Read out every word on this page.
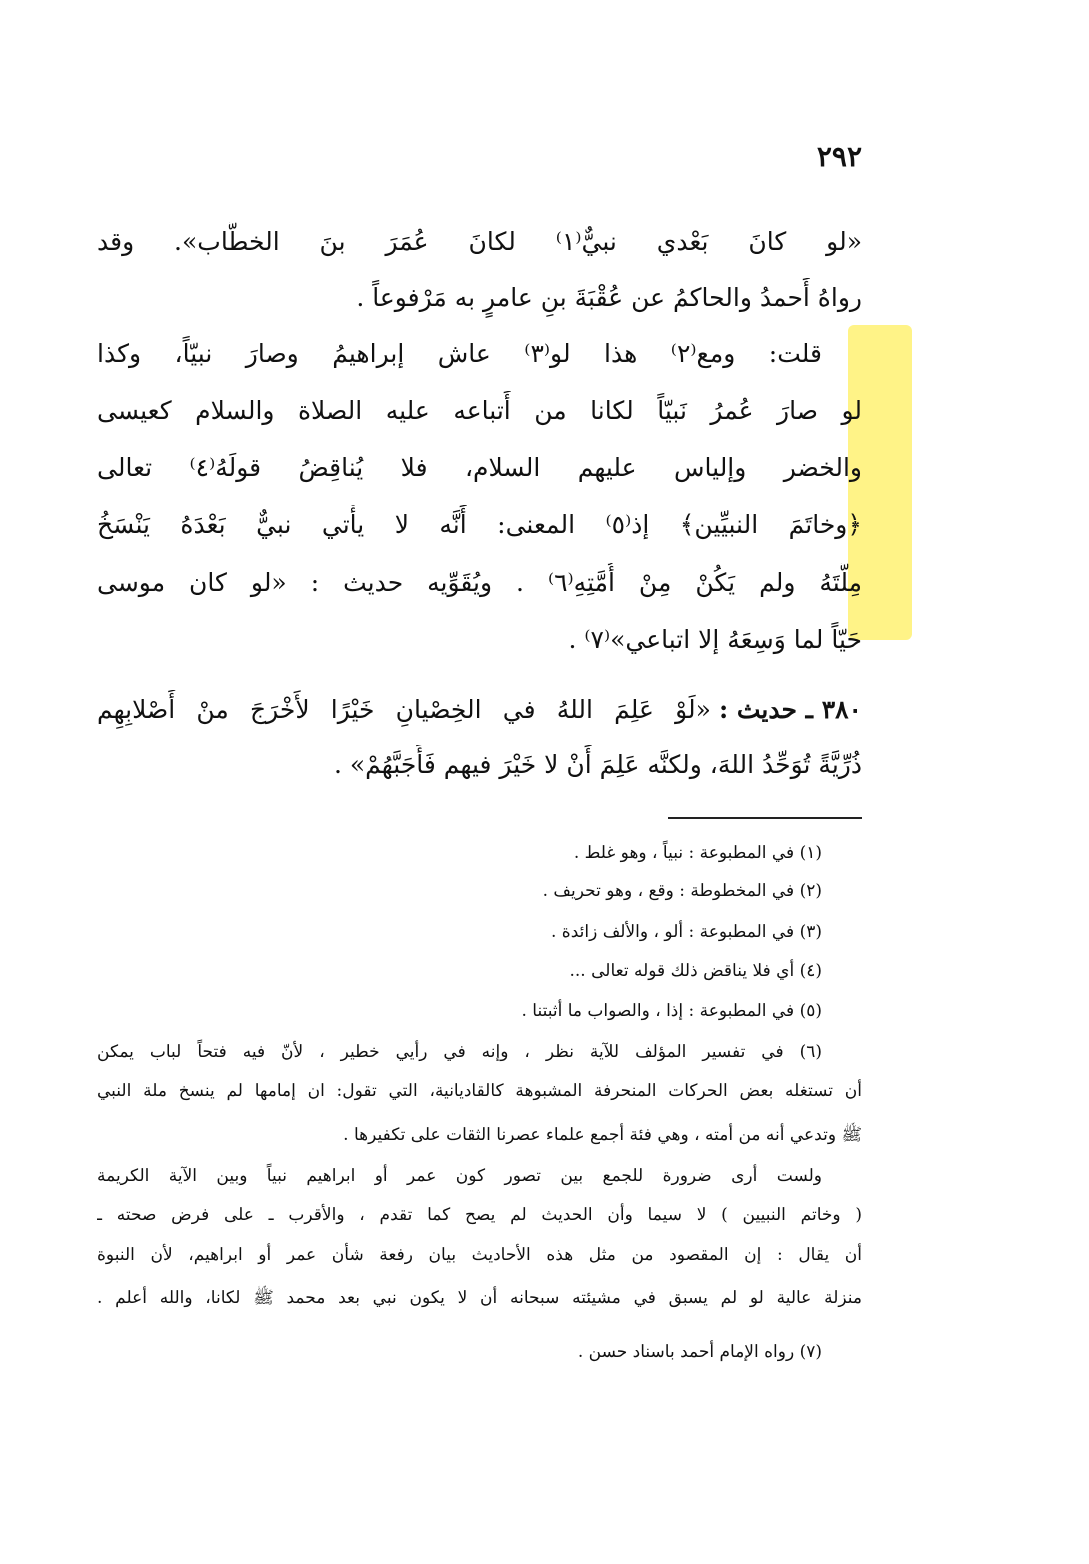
٢٩٢
«لو كانَ بَعْدي نبيٌّ⁽١⁾ لكانَ عُمَرَ بنَ الخطَّاب». وقد
رواهُ أَحمدُ والحاكمُ عن عُقْبَةَ بنِ عامرٍ به مَرْفوعاً .
قلت: ومع⁽٢⁾ هذا لو⁽٣⁾ عاش إبراهيمُ وصارَ نبيّاً، وكذا
لو صارَ عُمرُ نَبيّاً لكانا من أَتباعه عليه الصلاة والسلام كعيسى
والخضر وإلياس عليهم السلام، فلا يُناقِضُ قولَهُ⁽٤⁾ تعالى
﴿وخاتَمَ النبيِّين﴾ إذ⁽٥⁾ المعنى: أَنَّه لا يأْتي نبيٌّ بَعْدَهُ يَنْسَخُ
مِلَّتَهُ ولم يَكُنْ مِنْ أُمَّتِهِ⁽٦⁾ . ويُقَوِّيه حديث : «لو كان موسى
حَيّاً لما وَسِعَهُ إلا اتباعي»⁽٧⁾ .
٣٨٠ ـ حديث :
«لَوْ عَلِمَ اللهُ في الخِصْيانِ خَيْرًا لأَخْرَجَ منْ أَصْلابِهِم
ذُرِّيَّةً تُوَحِّدُ اللهَ، ولكنَّه عَلِمَ أَنْ لا خَيْرَ فيهم فَأَجَبَّهُمْ» .
(١) في المطبوعة : نبياً ، وهو غلط .
(٢) في المخطوطة : وقع ، وهو تحريف .
(٣) في المطبوعة : ألو ، والألف زائدة .
(٤) أي فلا يناقض ذلك قوله تعالى ...
(٥) في المطبوعة : إذا ، والصواب ما أثبتنا .
(٦) في تفسير المؤلف للآية نظر ، وإنه في رأيي خطير ، لأنّ فيه فتحاً لباب يمكن
أن تستغله بعض الحركات المنحرفة المشبوهة كالقاديانية، التي تقول: ان إمامها لم ينسخ ملة النبي
ﷺ وتدعي أنه من أمته ، وهي فئة أجمع علماء عصرنا الثقات على تكفيرها .
ولست أرى ضرورة للجمع بين تصور كون عمر أو ابراهيم نبياً وبين الآية الكريمة
( وخاتم النبيين ) لا سيما وأن الحديث لم يصح كما تقدم ، والأقرب ـ على فرض صحته ـ
أن يقال : إن المقصود من مثل هذه الأحاديث بيان رفعة شأن عمر أو ابراهيم، لأن النبوة
منزلة عالية لو لم يسبق في مشيئته سبحانه أن لا يكون نبي بعد محمد ﷺ لكانا، والله أعلم .
(٧) رواه الإمام أحمد باسناد حسن .
